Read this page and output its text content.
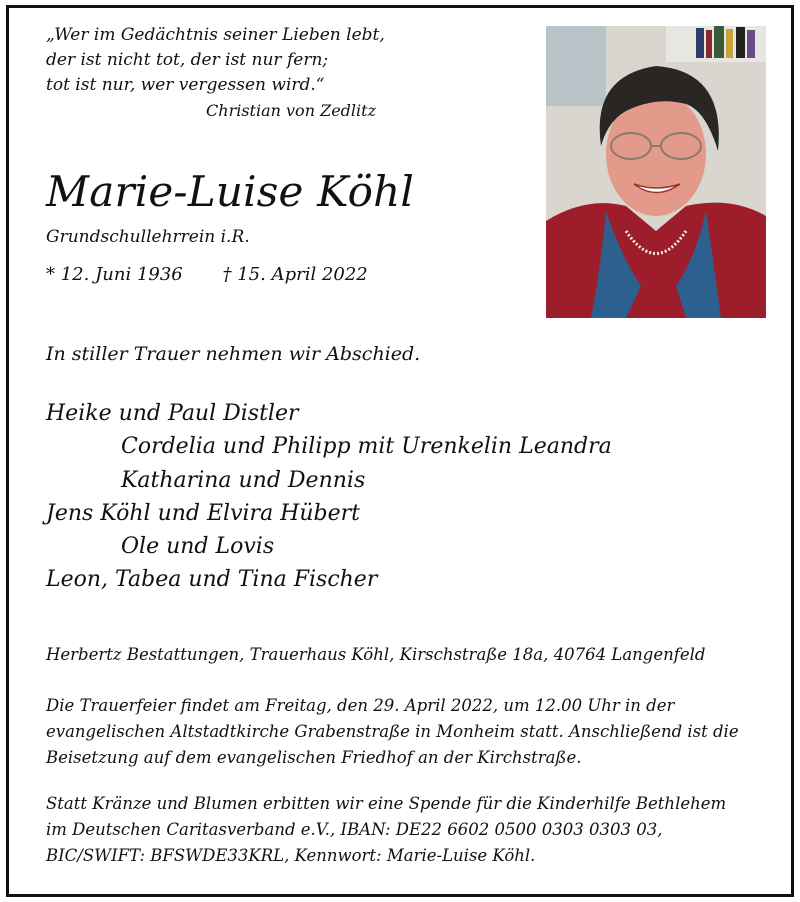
„Wer im Gedächtnis seiner Lieben lebt,
der ist nicht tot, der ist nur fern;
tot ist nur, wer vergessen wird.“
Christian von Zedlitz
Marie-Luise Köhl
Grundschullehrrein i.R.
* 12. Juni 1936 † 15. April 2022
In stiller Trauer nehmen wir Abschied.
Heike und Paul Distler
Cordelia und Philipp mit Urenkelin Leandra
Katharina und Dennis
Jens Köhl und Elvira Hübert
Ole und Lovis
Leon, Tabea und Tina Fischer
Herbertz Bestattungen, Trauerhaus Köhl, Kirschstraße 18a, 40764 Langenfeld
Die Trauerfeier findet am Freitag, den 29. April 2022, um 12.00 Uhr in der
evangelischen Altstadtkirche Grabenstraße in Monheim statt. Anschließend ist die
Beisetzung auf dem evangelischen Friedhof an der Kirchstraße.
Statt Kränze und Blumen erbitten wir eine Spende für die Kinderhilfe Bethlehem
im Deutschen Caritasverband e.V., IBAN: DE22 6602 0500 0303 0303 03,
BIC/SWIFT: BFSWDE33KRL, Kennwort: Marie-Luise Köhl.
